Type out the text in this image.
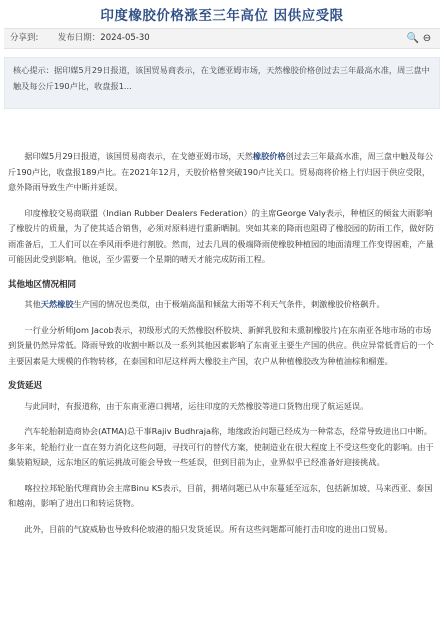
印度橡胶价格涨至三年高位 因供应受限
分享到: 发布日期：2024-05-30	🔍 ⊖
核心提示：据印媒5月29日报道，该国贸易商表示，在戈德亚姆市场，天然橡胶价格创过去三年最高水准，周三盘中触及每公斤190卢比，收盘报1...

据印媒5月29日报道，该国贸易商表示，在戈德亚姆市场，天然橡胶价格创过去三年最高水准，周三盘中触及每公斤190卢比，收盘报189卢比。在2021年12月，天胶价格曾突破190卢比关口。贸易商将价格上行归因于供应受限，意外降雨导致生产中断并延误。

印度橡胶交易商联盟（Indian Rubber Dealers Federation）的主席George Valy表示，种植区的倾盆大雨影响了橡胶片的质量，为了使其适合销售，必须对原料进行重新晒制。突如其来的降雨也阻碍了橡胶园的防雨工作，做好防雨准备后，工人们可以在季风雨季进行割胶。然而，过去几周的极端降雨使橡胶种植园的地面清理工作变得困难，产量可能因此受到影响。他说，至少需要一个星期的晴天才能完成防雨工程。

其他地区情况相同

其他天然橡胶生产国的情况也类似，由于极端高温和倾盆大雨等不利天气条件，刺激橡胶价格飙升。

一行业分析师Jom Jacob表示，初级形式的天然橡胶(杯胶块、新鲜乳胶和未熏制橡胶片)在东南亚各地市场的市场到货量仍然异常低。降雨导致的收割中断以及一系列其他因素影响了东南亚主要生产国的供应。供应异常低背后的一个主要因素是大规模的作物转移，在泰国和印尼这样两大橡胶主产国，农户从种植橡胶改为种植油棕和榴莲。

发货延迟

与此同时，有报道称，由于东南亚港口拥堵，运往印度的天然橡胶等进口货物出现了航运延误。

汽车轮胎制造商协会(ATMA)总干事Rajiv Budhraja称，地缘政治问题已经成为一种常态，经常导致进出口中断。多年来，轮胎行业一直在努力消化这些问题，寻找可行的替代方案，使制造业在很大程度上不受这些变化的影响。由于集装箱短缺，远东地区的航运挑战可能会导致一些延误，但到目前为止，业界似乎已经准备好迎接挑战。

喀拉拉邦轮胎代理商协会主席Binu KS表示，目前，拥堵问题已从中东蔓延至远东，包括新加坡、马来西亚、泰国和越南，影响了进出口和转运货物。

此外，目前的气旋威胁也导致科伦坡港的船只发货延误。所有这些问题都可能打击印度的进出口贸易。
